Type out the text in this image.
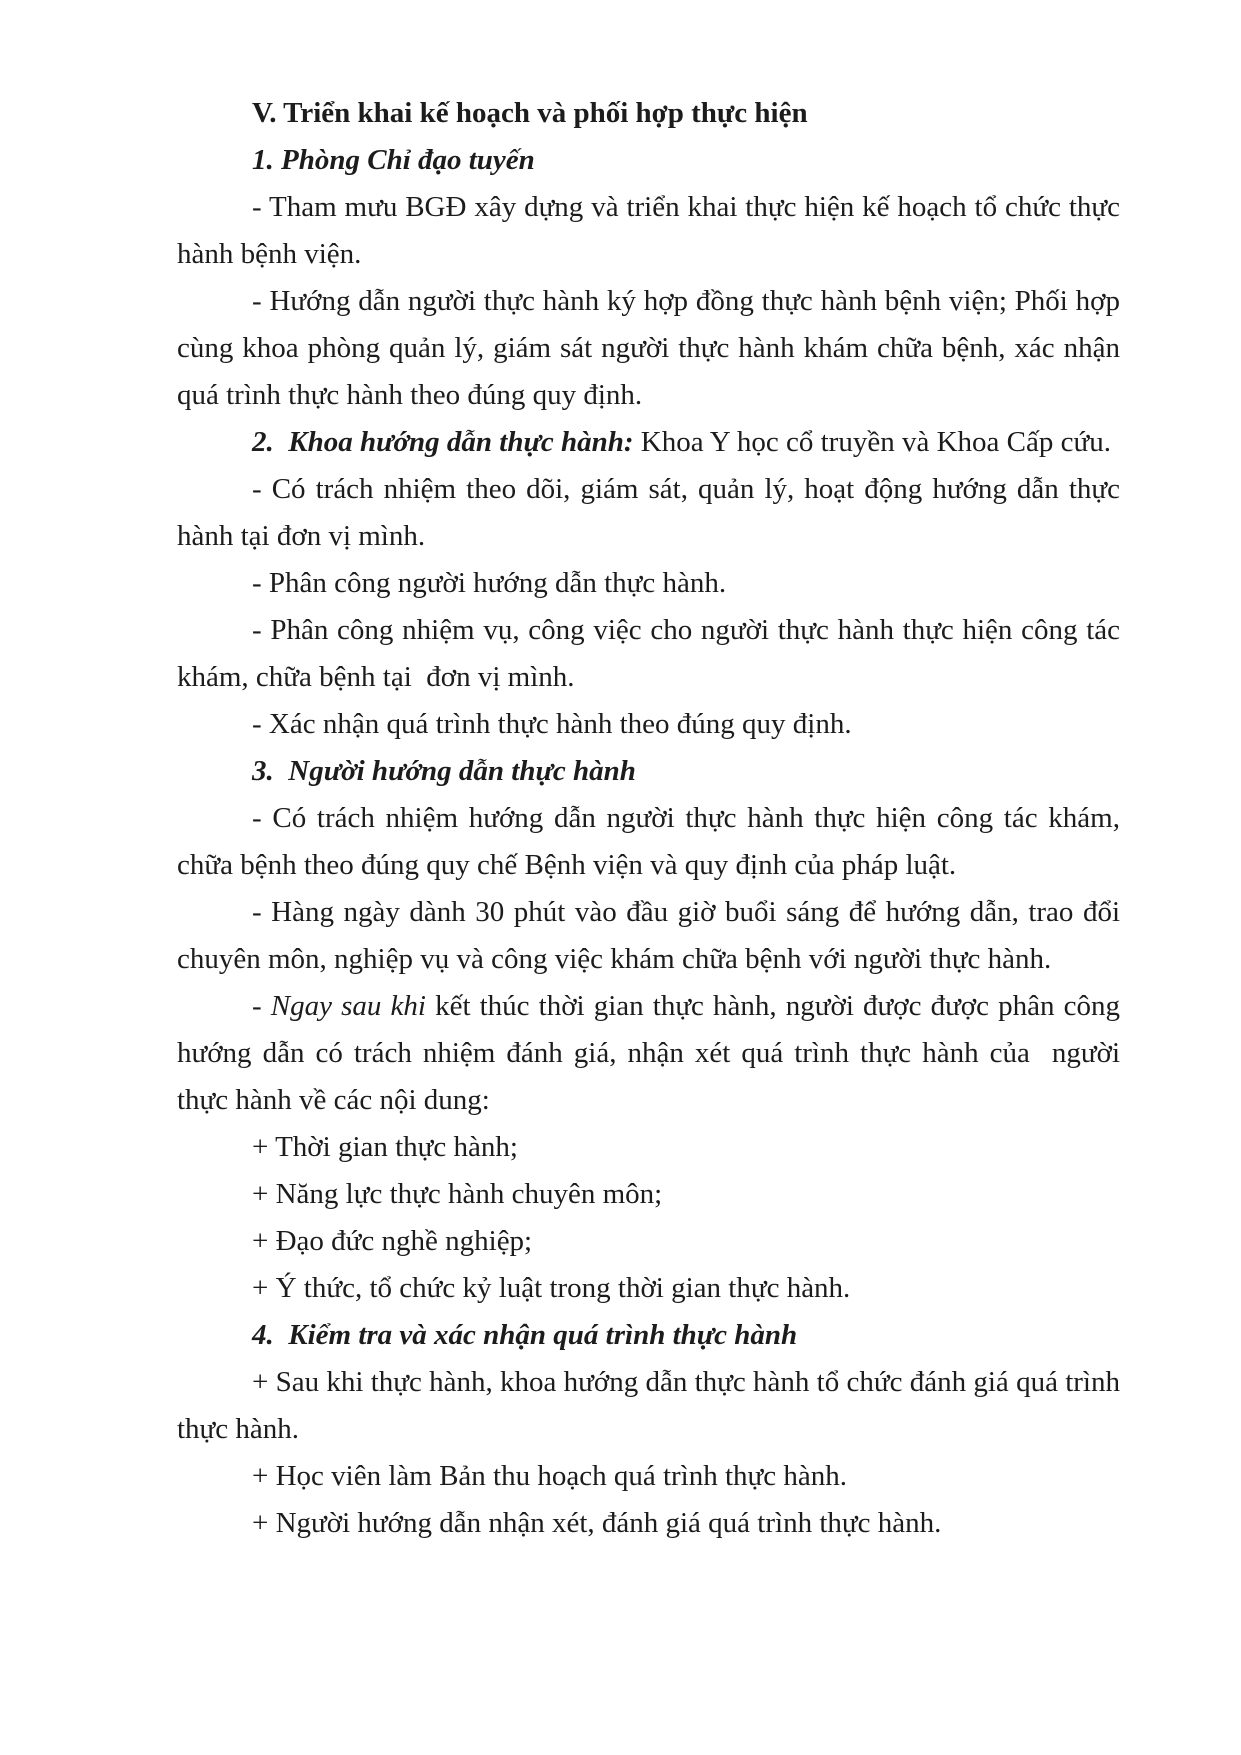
V. Triển khai kế hoạch và phối hợp thực hiện

1. Phòng Chỉ đạo tuyến

- Tham mưu BGĐ xây dựng và triển khai thực hiện kế hoạch tổ chức thực hành bệnh viện.

- Hướng dẫn người thực hành ký hợp đồng thực hành bệnh viện; Phối hợp cùng khoa phòng quản lý, giám sát người thực hành khám chữa bệnh, xác nhận quá trình thực hành theo đúng quy định.

2.  Khoa hướng dẫn thực hành: Khoa Y học cổ truyền và Khoa Cấp cứu.

- Có trách nhiệm theo dõi, giám sát, quản lý, hoạt động hướng dẫn thực hành tại đơn vị mình.

- Phân công người hướng dẫn thực hành.

- Phân công nhiệm vụ, công việc cho người thực hành thực hiện công tác khám, chữa bệnh tại  đơn vị mình.

- Xác nhận quá trình thực hành theo đúng quy định.

3.  Người hướng dẫn thực hành

- Có trách nhiệm hướng dẫn người thực hành thực hiện công tác khám, chữa bệnh theo đúng quy chế Bệnh viện và quy định của pháp luật.

- Hàng ngày dành 30 phút vào đầu giờ buổi sáng để hướng dẫn, trao đổi chuyên môn, nghiệp vụ và công việc khám chữa bệnh với người thực hành.

- Ngay sau khi kết thúc thời gian thực hành, người được được phân công hướng dẫn có trách nhiệm đánh giá, nhận xét quá trình thực hành của  người thực hành về các nội dung:

+ Thời gian thực hành;

+ Năng lực thực hành chuyên môn;

+ Đạo đức nghề nghiệp;

+ Ý thức, tổ chức kỷ luật trong thời gian thực hành.

4.  Kiểm tra và xác nhận quá trình thực hành

+ Sau khi thực hành, khoa hướng dẫn thực hành tổ chức đánh giá quá trình thực hành.

+ Học viên làm Bản thu hoạch quá trình thực hành.

+ Người hướng dẫn nhận xét, đánh giá quá trình thực hành.
